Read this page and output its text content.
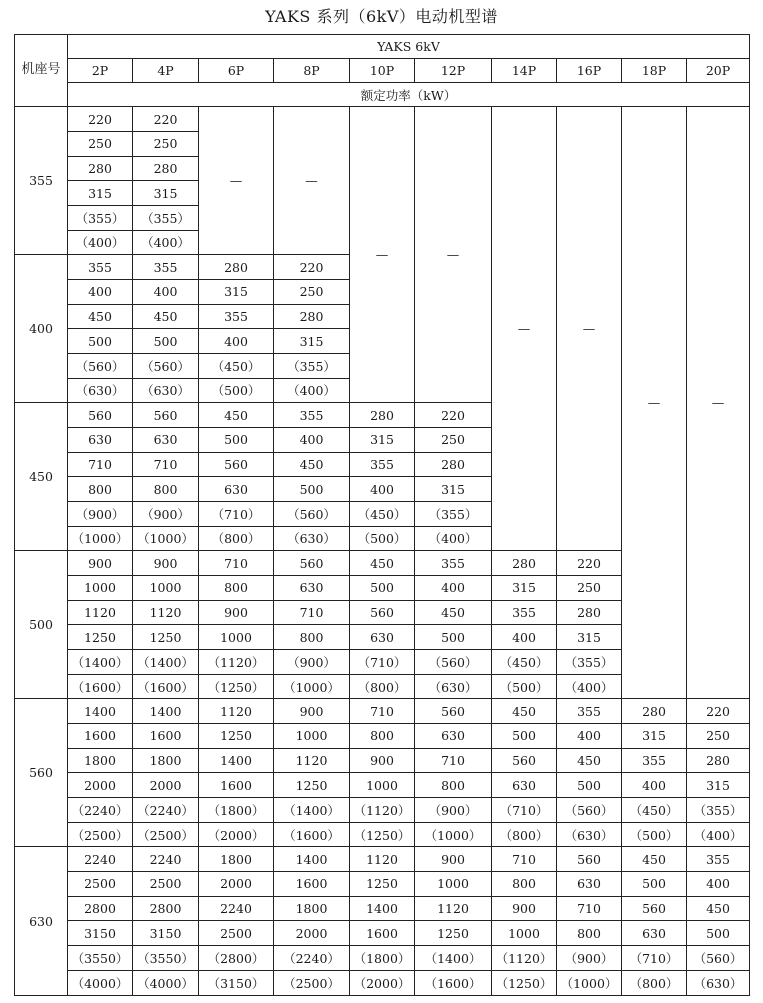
YAKS 系列（6kV）电动机型谱
机座号	YAKS 6kV									
	2P	4P	6P	8P	10P	12P	14P	16P	18P	20P
	额定功率（kW）									
355	220	220	—	—	—	—	—	—	—	—
	250	250								
	280	280								
	315	315								
	（355）	（355）								
	（400）	（400）								
400	355	355	280	220						
	400	400	315	250						
	450	450	355	280						
	500	500	400	315						
	（560）	（560）	（450）	（355）						
	（630）	（630）	（500）	（400）						
450	560	560	450	355	280	220				
	630	630	500	400	315	250				
	710	710	560	450	355	280				
	800	800	630	500	400	315				
	（900）	（900）	（710）	（560）	（450）	（355）				
	（1000）	（1000）	（800）	（630）	（500）	（400）				
500	900	900	710	560	450	355	280	220		
	1000	1000	800	630	500	400	315	250		
	1120	1120	900	710	560	450	355	280		
	1250	1250	1000	800	630	500	400	315		
	（1400）	（1400）	（1120）	（900）	（710）	（560）	（450）	（355）		
	（1600）	（1600）	（1250）	（1000）	（800）	（630）	（500）	（400）		
560	1400	1400	1120	900	710	560	450	355	280	220
	1600	1600	1250	1000	800	630	500	400	315	250
	1800	1800	1400	1120	900	710	560	450	355	280
	2000	2000	1600	1250	1000	800	630	500	400	315
	（2240）	（2240）	（1800）	（1400）	（1120）	（900）	（710）	（560）	（450）	（355）
	（2500）	（2500）	（2000）	（1600）	（1250）	（1000）	（800）	（630）	（500）	（400）
630	2240	2240	1800	1400	1120	900	710	560	450	355
	2500	2500	2000	1600	1250	1000	800	630	500	400
	2800	2800	2240	1800	1400	1120	900	710	560	450
	3150	3150	2500	2000	1600	1250	1000	800	630	500
	（3550）	（3550）	（2800）	（2240）	（1800）	（1400）	（1120）	（900）	（710）	（560）
	（4000）	（4000）	（3150）	（2500）	（2000）	（1600）	（1250）	（1000）	（800）	（630）
